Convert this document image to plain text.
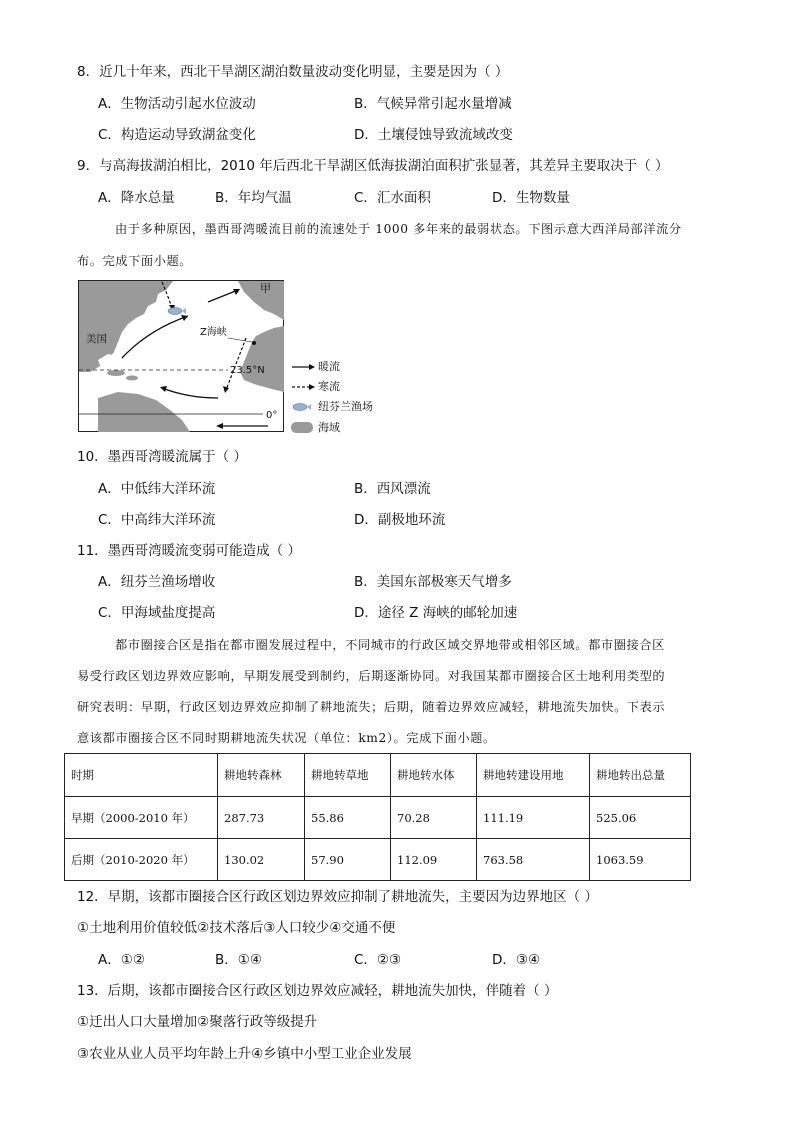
8．近几十年来，西北干旱湖区湖泊数量波动变化明显，主要是因为（ ）
A．生物活动引起水位波动	B．气候异常引起水量增减
C．构造运动导致湖盆变化	D．土壤侵蚀导致流域改变
9．与高海拔湖泊相比，2010 年后西北干旱湖区低海拔湖泊面积扩张显著，其差异主要取决于（ ）
A．降水总量	B．年均气温	C．汇水面积	D．生物数量
由于多种原因，墨西哥湾暖流目前的流速处于 1000 多年来的最弱状态。下图示意大西洋局部洋流分
布。完成下面小题。
甲
美国
Z海峡
23.5°N
0°
暖流
寒流
纽芬兰渔场
海域
10．墨西哥湾暖流属于（ ）
A．中低纬大洋环流	B．西风漂流
C．中高纬大洋环流	D．副极地环流
11．墨西哥湾暖流变弱可能造成（ ）
A．纽芬兰渔场增收	B．美国东部极寒天气增多
C．甲海域盐度提高	D．途径 Z 海峡的邮轮加速
都市圈接合区是指在都市圈发展过程中，不同城市的行政区域交界地带或相邻区域。都市圈接合区
易受行政区划边界效应影响，早期发展受到制约，后期逐渐协同。对我国某都市圈接合区土地利用类型的
研究表明：早期，行政区划边界效应抑制了耕地流失；后期，随着边界效应减轻，耕地流失加快。下表示
意该都市圈接合区不同时期耕地流失状况（单位：km2）。完成下面小题。
时期	耕地转森林	耕地转草地	耕地转水体	耕地转建设用地	耕地转出总量
早期（2000-2010 年）	287.73	55.86	70.28	111.19	525.06
后期（2010-2020 年）	130.02	57.90	112.09	763.58	1063.59
12．早期，该都市圈接合区行政区划边界效应抑制了耕地流失，主要因为边界地区（ ）
①土地利用价值较低②技术落后③人口较少④交通不便
A．①②	B．①④	C．②③	D．③④
13．后期，该都市圈接合区行政区划边界效应减轻，耕地流失加快，伴随着（ ）
①迁出人口大量增加②聚落行政等级提升
③农业从业人员平均年龄上升④乡镇中小型工业企业发展
